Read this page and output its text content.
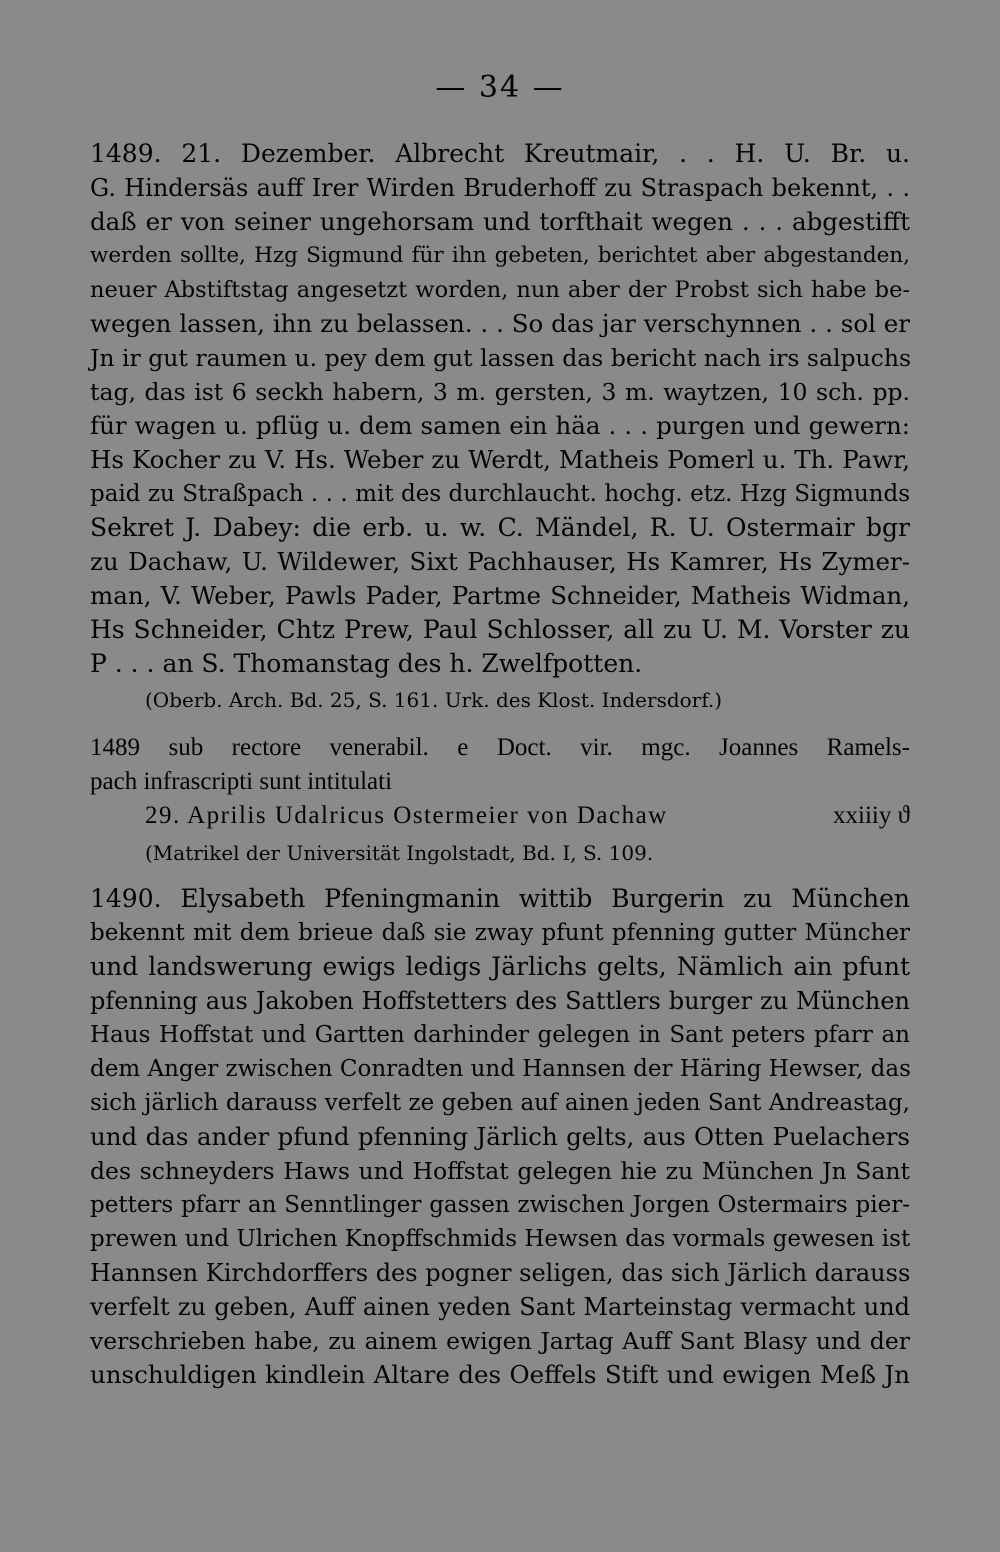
— 34 —
1489. 21. Dezember. Albrecht Kreutmair, . . H. U. Br. u.
G. Hindersäs auff Irer Wirden Bruderhoff zu Straspach bekennt, . .
daß er von seiner ungehorsam und torfthait wegen . . . abgestifft
werden sollte, Hzg Sigmund für ihn gebeten, berichtet aber abgestanden,
neuer Abstiftstag angesetzt worden, nun aber der Probst sich habe be-
wegen lassen, ihn zu belassen. . . So das jar verschynnen . . sol er
Jn ir gut raumen u. pey dem gut lassen das bericht nach irs salpuchs
tag, das ist 6 seckh habern, 3 m. gersten, 3 m. waytzen, 10 sch. pp.
für wagen u. pflüg u. dem samen ein häa . . . purgen und gewern:
Hs Kocher zu V. Hs. Weber zu Werdt, Matheis Pomerl u. Th. Pawr,
paid zu Straßpach . . . mit des durchlaucht. hochg. etz. Hzg Sigmunds
Sekret J. Dabey: die erb. u. w. C. Mändel, R. U. Ostermair bgr
zu Dachaw, U. Wildewer, Sixt Pachhauser, Hs Kamrer, Hs Zymer-
man, V. Weber, Pawls Pader, Partme Schneider, Matheis Widman,
Hs Schneider, Chtz Prew, Paul Schlosser, all zu U. M. Vorster zu
P . . . an S. Thomanstag des h. Zwelfpotten.
(Oberb. Arch. Bd. 25, S. 161. Urk. des Klost. Indersdorf.)
1489 sub rectore venerabil. e Doct. vir. mgc. Joannes Ramels-
pach infrascripti sunt intitulati
29. Aprilis Udalricus Ostermeier von Dachaw	xxiiiy ϑ
(Matrikel der Universität Ingolstadt, Bd. I, S. 109.
1490. Elysabeth Pfeningmanin wittib Burgerin zu München
bekennt mit dem brieue daß sie zway pfunt pfenning gutter Müncher
und landswerung ewigs ledigs Järlichs gelts, Nämlich ain pfunt
pfenning aus Jakoben Hoffstetters des Sattlers burger zu München
Haus Hoffstat und Gartten darhinder gelegen in Sant peters pfarr an
dem Anger zwischen Conradten und Hannsen der Häring Hewser, das
sich järlich darauss verfelt ze geben auf ainen jeden Sant Andreastag,
und das ander pfund pfenning Järlich gelts, aus Otten Puelachers
des schneyders Haws und Hoffstat gelegen hie zu München Jn Sant
petters pfarr an Senntlinger gassen zwischen Jorgen Ostermairs pier-
prewen und Ulrichen Knopffschmids Hewsen das vormals gewesen ist
Hannsen Kirchdorffers des pogner seligen, das sich Järlich darauss
verfelt zu geben, Auff ainen yeden Sant Marteinstag vermacht und
verschrieben habe, zu ainem ewigen Jartag Auff Sant Blasy und der
unschuldigen kindlein Altare des Oeffels Stift und ewigen Meß Jn
